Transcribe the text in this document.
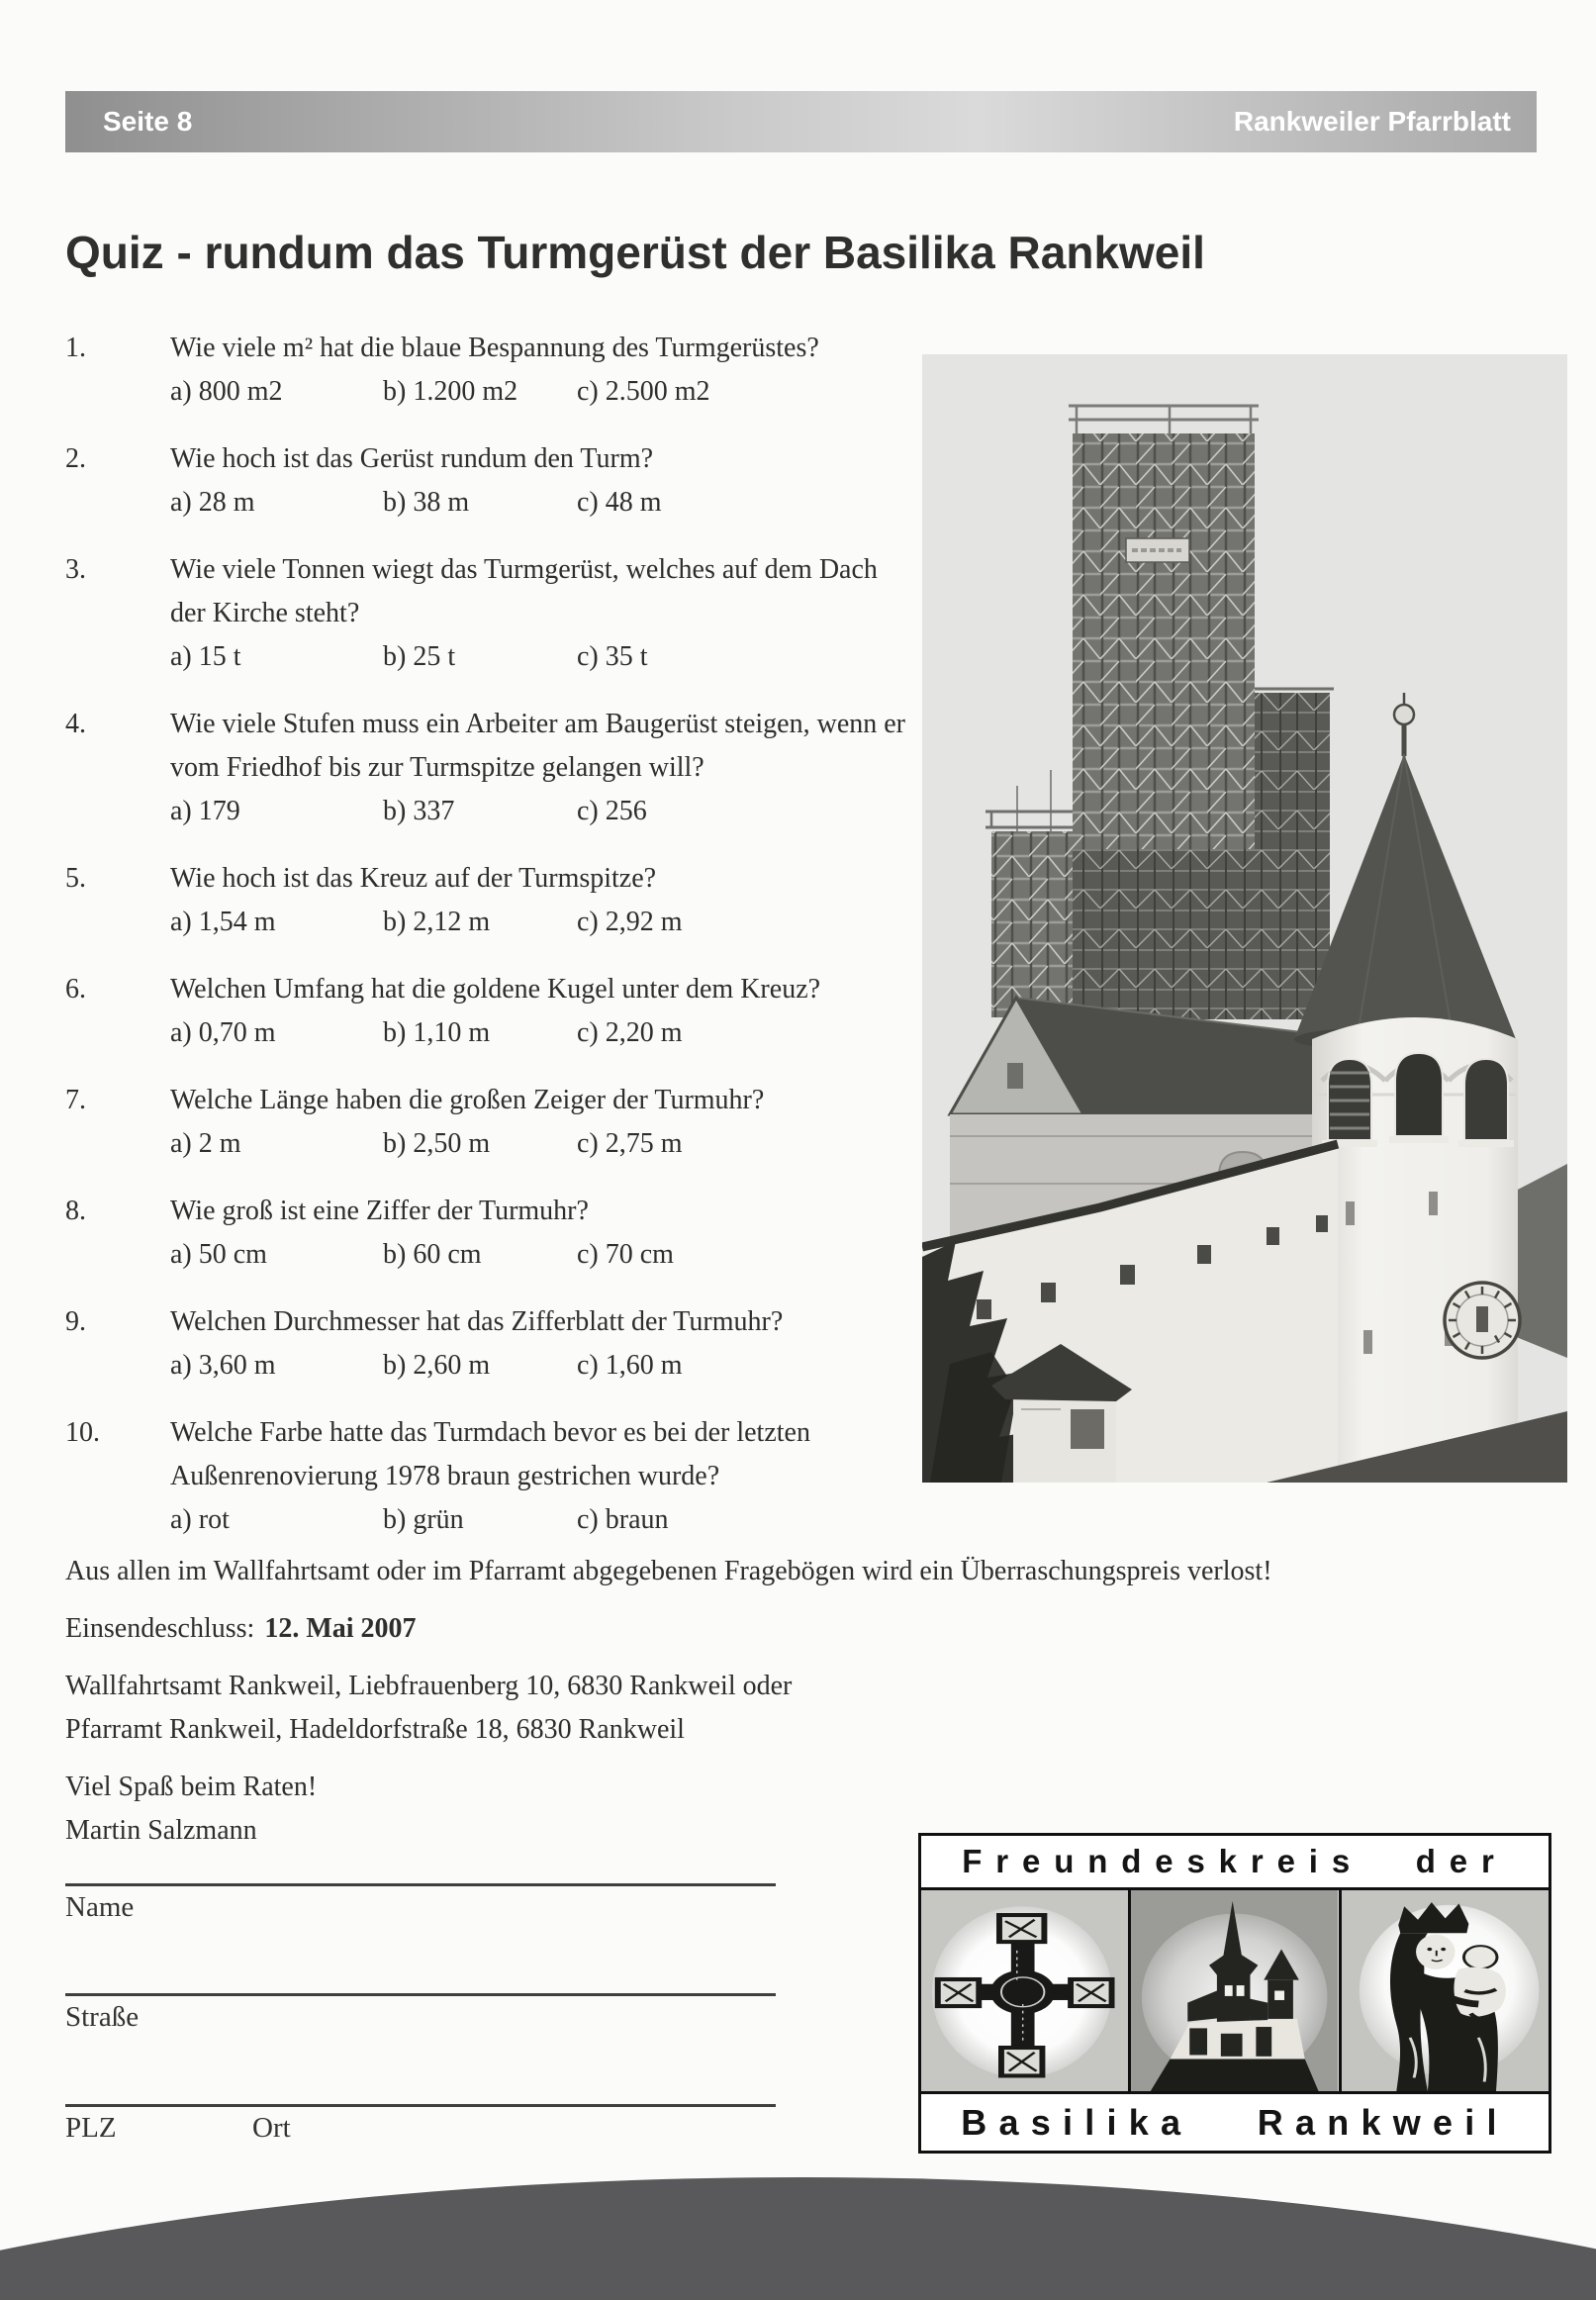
Seite 8	Rankweiler Pfarrblatt
Quiz - rundum das Turmgerüst der Basilika Rankweil
1.	Wie viele m² hat die blaue Bespannung des Turmgerüstes?
a) 800 m2	b) 1.200 m2	c) 2.500 m2
2.	Wie hoch ist das Gerüst rundum den Turm?
a) 28 m	b) 38 m	c) 48 m
3.	Wie viele Tonnen wiegt das Turmgerüst, welches auf dem Dach der Kirche steht?
a) 15 t	b) 25 t	c) 35 t
4.	Wie viele Stufen muss ein Arbeiter am Baugerüst steigen, wenn er vom Friedhof bis zur Turmspitze gelangen will?
a) 179	b) 337	c) 256
5.	Wie hoch ist das Kreuz auf der Turmspitze?
a) 1,54 m	b) 2,12 m	c) 2,92 m
6.	Welchen Umfang hat die goldene Kugel unter dem Kreuz?
a) 0,70 m	b) 1,10 m	c) 2,20 m
7.	Welche Länge haben die großen Zeiger der Turmuhr?
a) 2 m	b) 2,50 m	c) 2,75 m
8.	Wie groß ist eine Ziffer der Turmuhr?
a) 50 cm	b) 60 cm	c) 70 cm
9.	Welchen Durchmesser hat das Zifferblatt der Turmuhr?
a) 3,60 m	b) 2,60 m	c) 1,60 m
10.	Welche Farbe hatte das Turmdach bevor es bei der letzten Außenrenovierung 1978 braun gestrichen wurde?
a) rot	b) grün	c) braun

Aus allen im Wallfahrtsamt oder im Pfarramt abgegebenen Fragebögen wird ein Überraschungspreis verlost!

Einsendeschluss: 12. Mai 2007

Wallfahrtsamt Rankweil, Liebfrauenberg 10, 6830 Rankweil oder
Pfarramt Rankweil, Hadeldorfstraße 18, 6830 Rankweil

Viel Spaß beim Raten!
Martin Salzmann

Name
Straße
PLZ	Ort
Freundeskreis der
Basilika Rankweil
